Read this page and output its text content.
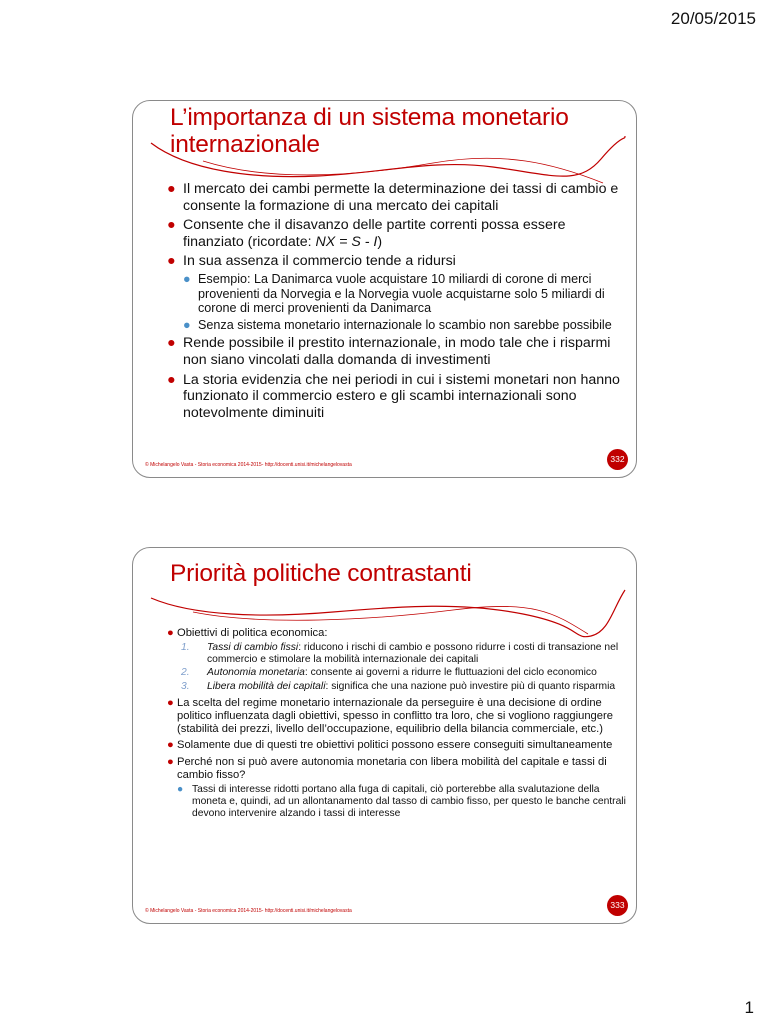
20/05/2015
L’importanza di un sistema monetario internazionale
● Il mercato dei cambi permette la determinazione dei tassi di cambio e consente la formazione di una mercato dei capitali
● Consente che il disavanzo delle partite correnti possa essere finanziato (ricordate: NX = S - I)
● In sua assenza il commercio tende a ridursi
● Esempio: La Danimarca vuole acquistare 10 miliardi di corone di merci provenienti da Norvegia e la Norvegia vuole acquistarne solo 5 miliardi di corone di merci provenienti da Danimarca
● Senza sistema monetario internazionale lo scambio non sarebbe possibile
● Rende possibile il prestito internazionale, in modo tale che i risparmi non siano vincolati dalla domanda di investimenti
● La storia evidenzia che nei periodi in cui i sistemi monetari non hanno funzionato il commercio estero e gli scambi internazionali sono notevolmente diminuiti
© Michelangelo Vasta - Storia economica 2014-2015- http://docenti.unisi.it/michelangelovasta
332
Priorità politiche contrastanti
● Obiettivi di politica economica:
1. Tassi di cambio fissi: riducono i rischi di cambio e possono ridurre i costi di transazione nel commercio e stimolare la mobilità internazionale dei capitali
2. Autonomia monetaria: consente ai governi a ridurre le fluttuazioni del ciclo economico
3. Libera mobilità dei capitali: significa che una nazione può investire più di quanto risparmia
● La scelta del regime monetario internazionale da perseguire è una decisione di ordine politico influenzata dagli obiettivi, spesso in conflitto tra loro, che si vogliono raggiungere (stabilità dei prezzi, livello dell’occupazione, equilibrio della bilancia commerciale, etc.)
● Solamente due di questi tre obiettivi politici possono essere conseguiti simultaneamente
● Perché non si può avere autonomia monetaria con libera mobilità del capitale e tassi di cambio fisso?
● Tassi di interesse ridotti portano alla fuga di capitali, ciò porterebbe alla svalutazione della moneta e, quindi, ad un allontanamento dal tasso di cambio fisso, per questo le banche centrali devono intervenire alzando i tassi di interesse
© Michelangelo Vasta - Storia economica 2014-2015- http://docenti.unisi.it/michelangelovasta
333
1
